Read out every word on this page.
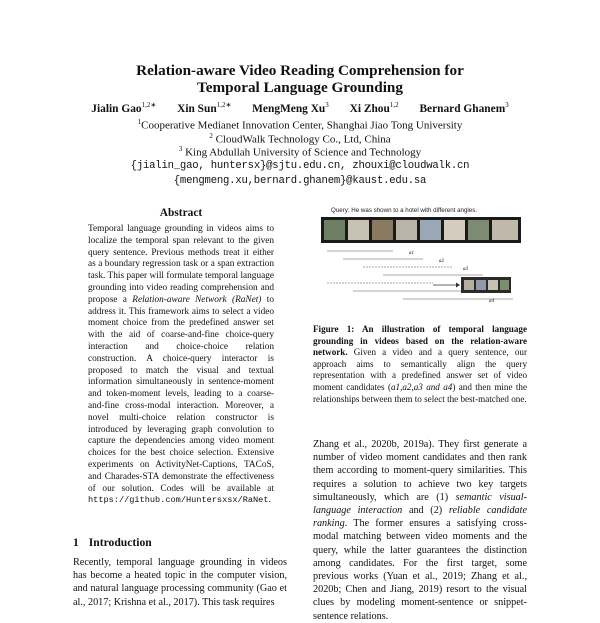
Relation-aware Video Reading Comprehension for
Temporal Language Grounding
Jialin Gao$^{1,2∗}$ Xin Sun$^{1,2∗}$ MengMeng Xu$^3$ Xi Zhou$^{1,2}$ Bernard Ghanem$^3$
$^1$Cooperative Medianet Innovation Center, Shanghai Jiao Tong University
$^2$ CloudWalk Technology Co., Ltd, China
$^3$ King Abdullah University of Science and Technology
{jialin_gao, huntersx}@sjtu.edu.cn, zhouxi@cloudwalk.cn
{mengmeng.xu,bernard.ghanem}@kaust.edu.sa
Abstract
Temporal language grounding in videos aims to localize the temporal span relevant to the given query sentence. Previous methods treat it either as a boundary regression task or a span extraction task. This paper will formulate temporal language grounding into video reading comprehension and propose a Relation-aware Network (RaNet) to address it. This framework aims to select a video moment choice from the predefined answer set with the aid of coarse-and-fine choice-query interaction and choice-choice relation construction. A choice-query interactor is proposed to match the visual and textual information simultaneously in sentence-moment and token-moment levels, leading to a coarse-and-fine cross-modal interaction. Moreover, a novel multi-choice relation constructor is introduced by leveraging graph convolution to capture the dependencies among video moment choices for the best choice selection. Extensive experiments on ActivityNet-Captions, TACoS, and Charades-STA demonstrate the effectiveness of our solution. Codes will be available at https://github.com/Huntersxsx/RaNet.
1 Introduction
Recently, temporal language grounding in videos has become a heated topic in the computer vision, and natural language processing community (Gao et al., 2017; Krishna et al., 2017). This task requires
Query: He was shown to a hotel with different angles.
a1
a2
a3
a4
Figure 1: An illustration of temporal language grounding in videos based on the relation-aware network. Given a video and a query sentence, our approach aims to semantically align the query representation with a predefined answer set of video moment candidates (a1,a2,a3 and a4) and then mine the relationships between them to select the best-matched one.
Zhang et al., 2020b, 2019a). They first generate a number of video moment candidates and then rank them according to moment-query similarities. This requires a solution to achieve two key targets simultaneously, which are (1) semantic visual-language interaction and (2) reliable candidate ranking. The former ensures a satisfying cross-modal matching between video moments and the query, while the latter guarantees the distinction among candidates. For the first target, some previous works (Yuan et al., 2019; Zhang et al., 2020b; Chen and Jiang, 2019) resort to the visual clues by modeling moment-sentence or snippet-sentence relations.
